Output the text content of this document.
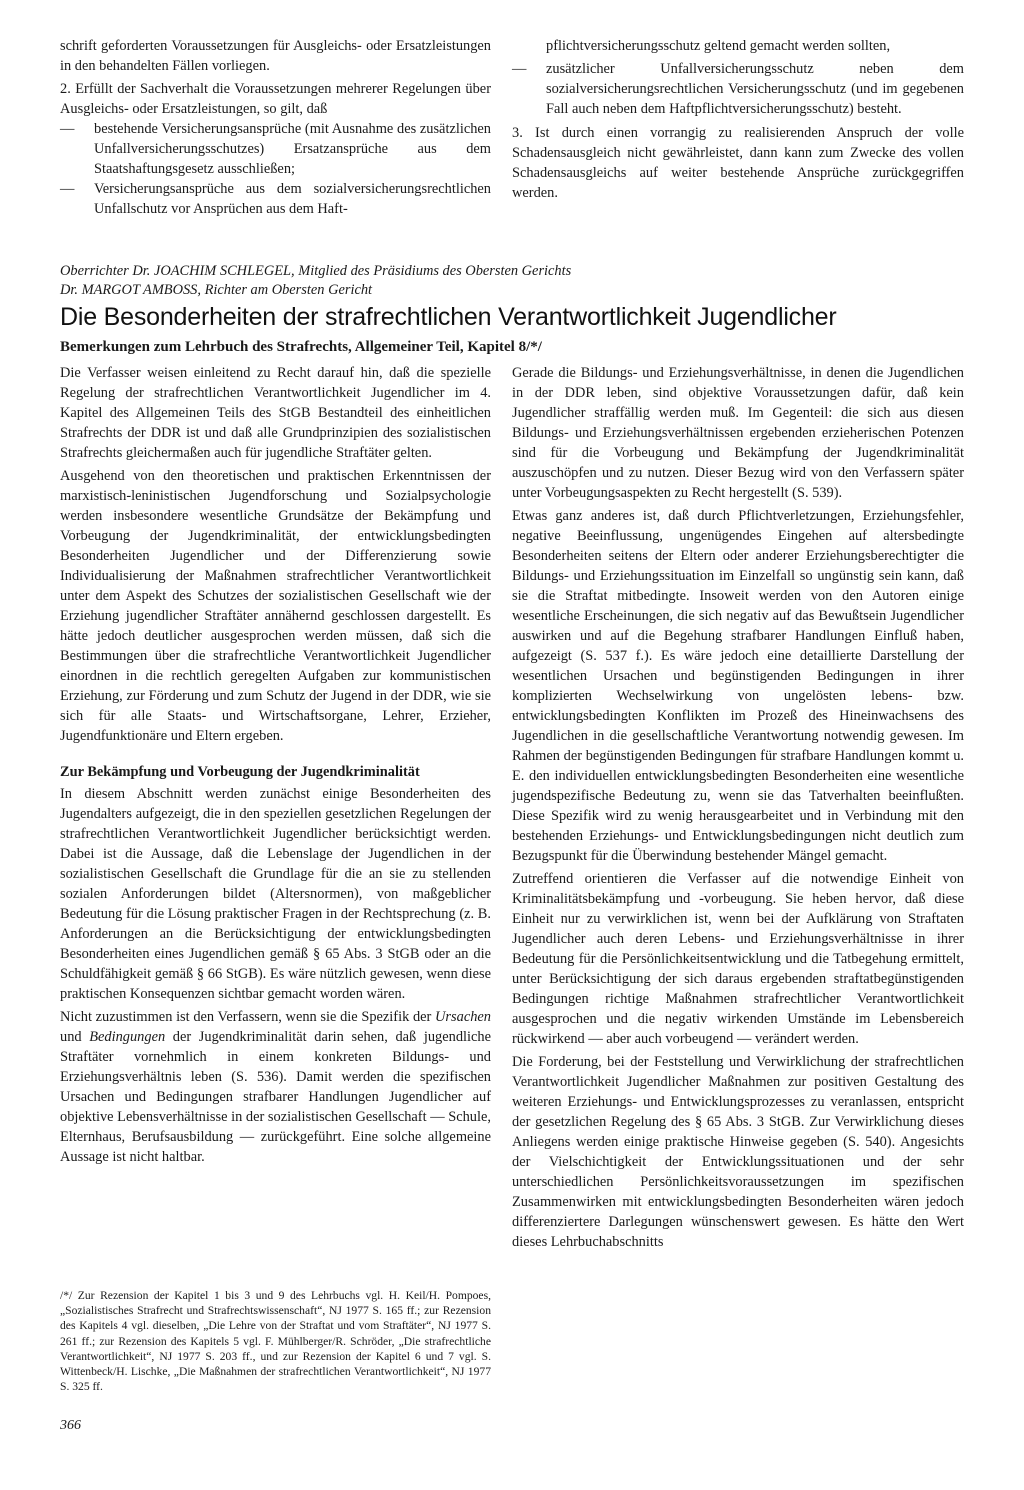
schrift geforderten Voraussetzungen für Ausgleichs- oder Ersatzleistungen in den behandelten Fällen vorliegen.

2. Erfüllt der Sachverhalt die Voraussetzungen mehrerer Regelungen über Ausgleichs- oder Ersatzleistungen, so gilt, daß

— bestehende Versicherungsansprüche (mit Ausnahme des zusätzlichen Unfallversicherungsschutzes) Ersatzansprüche aus dem Staatshaftungsgesetz ausschließen;
— Versicherungsansprüche aus dem sozialversicherungsrechtlichen Unfallschutz vor Ansprüchen aus dem Haft-

pflichtversicherungsschutz geltend gemacht werden sollten,

— zusätzlicher Unfallversicherungsschutz neben dem sozialversicherungsrechtlichen Versicherungsschutz (und im gegebenen Fall auch neben dem Haftpflichtversicherungsschutz) besteht.

3. Ist durch einen vorrangig zu realisierenden Anspruch der volle Schadensausgleich nicht gewährleistet, dann kann zum Zwecke des vollen Schadensausgleichs auf weiter bestehende Ansprüche zurückgegriffen werden.

Oberrichter Dr. JOACHIM SCHLEGEL, Mitglied des Präsidiums des Obersten Gerichts
Dr. MARGOT AMBOSS, Richter am Obersten Gericht
Die Besonderheiten der strafrechtlichen Verantwortlichkeit Jugendlicher
Bemerkungen zum Lehrbuch des Strafrechts, Allgemeiner Teil, Kapitel 8/*/

Die Verfasser weisen einleitend zu Recht darauf hin, daß die spezielle Regelung der strafrechtlichen Verantwortlichkeit Jugendlicher im 4. Kapitel des Allgemeinen Teils des StGB Bestandteil des einheitlichen Strafrechts der DDR ist und daß alle Grundprinzipien des sozialistischen Strafrechts gleichermaßen auch für jugendliche Straftäter gelten.

Ausgehend von den theoretischen und praktischen Erkenntnissen der marxistisch-leninistischen Jugendforschung und Sozialpsychologie werden insbesondere wesentliche Grundsätze der Bekämpfung und Vorbeugung der Jugendkriminalität, der entwicklungsbedingten Besonderheiten Jugendlicher und der Differenzierung sowie Individualisierung der Maßnahmen strafrechtlicher Verantwortlichkeit unter dem Aspekt des Schutzes der sozialistischen Gesellschaft wie der Erziehung jugendlicher Straftäter annähernd geschlossen dargestellt. Es hätte jedoch deutlicher ausgesprochen werden müssen, daß sich die Bestimmungen über die strafrechtliche Verantwortlichkeit Jugendlicher einordnen in die rechtlich geregelten Aufgaben zur kommunistischen Erziehung, zur Förderung und zum Schutz der Jugend in der DDR, wie sie sich für alle Staats- und Wirtschaftsorgane, Lehrer, Erzieher, Jugendfunktionäre und Eltern ergeben.

Zur Bekämpfung und Vorbeugung der Jugendkriminalität

In diesem Abschnitt werden zunächst einige Besonderheiten des Jugendalters aufgezeigt, die in den speziellen gesetzlichen Regelungen der strafrechtlichen Verantwortlichkeit Jugendlicher berücksichtigt werden. Dabei ist die Aussage, daß die Lebenslage der Jugendlichen in der sozialistischen Gesellschaft die Grundlage für die an sie zu stellenden sozialen Anforderungen bildet (Altersnormen), von maßgeblicher Bedeutung für die Lösung praktischer Fragen in der Rechtsprechung (z. B. Anforderungen an die Berücksichtigung der entwicklungsbedingten Besonderheiten eines Jugendlichen gemäß § 65 Abs. 3 StGB oder an die Schuldfähigkeit gemäß § 66 StGB). Es wäre nützlich gewesen, wenn diese praktischen Konsequenzen sichtbar gemacht worden wären.

Nicht zuzustimmen ist den Verfassern, wenn sie die Spezifik der Ursachen und Bedingungen der Jugendkriminalität darin sehen, daß jugendliche Straftäter vornehmlich in einem konkreten Bildungs- und Erziehungsverhältnis leben (S. 536). Damit werden die spezifischen Ursachen und Bedingungen strafbarer Handlungen Jugendlicher auf objektive Lebensverhältnisse in der sozialistischen Gesellschaft — Schule, Elternhaus, Berufsausbildung — zurückgeführt. Eine solche allgemeine Aussage ist nicht haltbar.

/*/ Zur Rezension der Kapitel 1 bis 3 und 9 des Lehrbuchs vgl. H. Keil/H. Pompoes, „Sozialistisches Strafrecht und Strafrechtswissenschaft“, NJ 1977 S. 165 ff.; zur Rezension des Kapitels 4 vgl. dieselben, „Die Lehre von der Straftat und vom Straftäter“, NJ 1977 S. 261 ff.; zur Rezension des Kapitels 5 vgl. F. Mühlberger/R. Schröder, „Die strafrechtliche Verantwortlichkeit“, NJ 1977 S. 203 ff., und zur Rezension der Kapitel 6 und 7 vgl. S. Wittenbeck/H. Lischke, „Die Maßnahmen der strafrechtlichen Verantwortlichkeit“, NJ 1977 S. 325 ff.

Gerade die Bildungs- und Erziehungsverhältnisse, in denen die Jugendlichen in der DDR leben, sind objektive Voraussetzungen dafür, daß kein Jugendlicher straffällig werden muß. Im Gegenteil: die sich aus diesen Bildungs- und Erziehungsverhältnissen ergebenden erzieherischen Potenzen sind für die Vorbeugung und Bekämpfung der Jugendkriminalität auszuschöpfen und zu nutzen. Dieser Bezug wird von den Verfassern später unter Vorbeugungsaspekten zu Recht hergestellt (S. 539).

Etwas ganz anderes ist, daß durch Pflichtverletzungen, Erziehungsfehler, negative Beeinflussung, ungenügendes Eingehen auf altersbedingte Besonderheiten seitens der Eltern oder anderer Erziehungsberechtigter die Bildungs- und Erziehungssituation im Einzelfall so ungünstig sein kann, daß sie die Straftat mitbedingte. Insoweit werden von den Autoren einige wesentliche Erscheinungen, die sich negativ auf das Bewußtsein Jugendlicher auswirken und auf die Begehung strafbarer Handlungen Einfluß haben, aufgezeigt (S. 537 f.). Es wäre jedoch eine detaillierte Darstellung der wesentlichen Ursachen und begünstigenden Bedingungen in ihrer komplizierten Wechselwirkung von ungelösten lebens- bzw. entwicklungsbedingten Konflikten im Prozeß des Hineinwachsens des Jugendlichen in die gesellschaftliche Verantwortung notwendig gewesen. Im Rahmen der begünstigenden Bedingungen für strafbare Handlungen kommt u. E. den individuellen entwicklungsbedingten Besonderheiten eine wesentliche jugendspezifische Bedeutung zu, wenn sie das Tatverhalten beeinflußten. Diese Spezifik wird zu wenig herausgearbeitet und in Verbindung mit den bestehenden Erziehungs- und Entwicklungsbedingungen nicht deutlich zum Bezugspunkt für die Überwindung bestehender Mängel gemacht.

Zutreffend orientieren die Verfasser auf die notwendige Einheit von Kriminalitätsbekämpfung und -vorbeugung. Sie heben hervor, daß diese Einheit nur zu verwirklichen ist, wenn bei der Aufklärung von Straftaten Jugendlicher auch deren Lebens- und Erziehungsverhältnisse in ihrer Bedeutung für die Persönlichkeitsentwicklung und die Tatbegehung ermittelt, unter Berücksichtigung der sich daraus ergebenden straftatbegünstigenden Bedingungen richtige Maßnahmen strafrechtlicher Verantwortlichkeit ausgesprochen und die negativ wirkenden Umstände im Lebensbereich rückwirkend — aber auch vorbeugend — verändert werden.

Die Forderung, bei der Feststellung und Verwirklichung der strafrechtlichen Verantwortlichkeit Jugendlicher Maßnahmen zur positiven Gestaltung des weiteren Erziehungs- und Entwicklungsprozesses zu veranlassen, entspricht der gesetzlichen Regelung des § 65 Abs. 3 StGB. Zur Verwirklichung dieses Anliegens werden einige praktische Hinweise gegeben (S. 540). Angesichts der Vielschichtigkeit der Entwicklungssituationen und der sehr unterschiedlichen Persönlichkeitsvoraussetzungen im spezifischen Zusammenwirken mit entwicklungsbedingten Besonderheiten wären jedoch differenziertere Darlegungen wünschenswert gewesen. Es hätte den Wert dieses Lehrbuchabschnitts

366
